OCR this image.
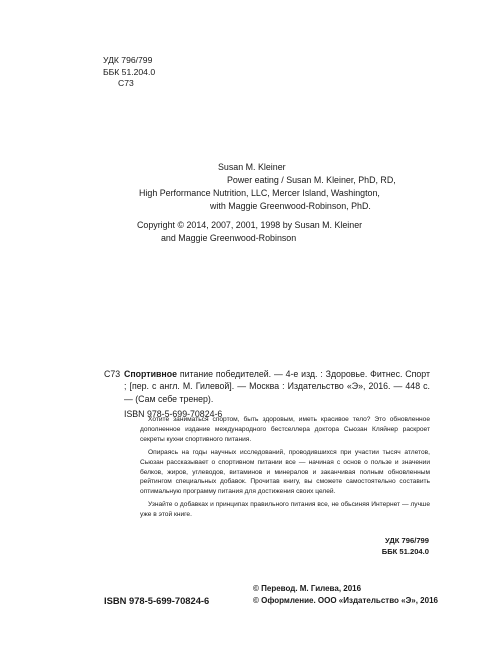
УДК 796/799
ББК 51.204.0
С73
Susan M. Kleiner
Power eating / Susan M. Kleiner, PhD, RD,
High Performance Nutrition, LLC, Mercer Island, Washington,
with Maggie Greenwood-Robinson, PhD.
Copyright © 2014, 2007, 2001, 1998 by Susan M. Kleiner
and Maggie Greenwood-Robinson
С73 Спортивное питание победителей. — 4-е изд. : Здоровье. Фитнес. Спорт ; [пер. с англ. М. Гилевой]. — Москва : Издательство «Э», 2016. — 448 с. — (Сам себе тренер).

ISBN 978-5-699-70824-6

Хотите заниматься спортом, быть здоровым, иметь красивое тело? Это обновленное дополненное издание международного бестселлера доктора Сьюзан Кляйнер раскроет секреты кухни спортивного питания.

Опираясь на годы научных исследований, проводившихся при участии тысяч атлетов, Сьюзан рассказывает о спортивном питании все — начиная с основ о пользе и значении белков, жиров, углеводов, витаминов и минералов и заканчивая полным обновленным рейтингом специальных добавок. Прочитав книгу, вы сможете самостоятельно составить оптимальную программу питания для достижения своих целей.

Узнайте о добавках и принципах правильного питания все, не обьсиняя Интернет — лучше уже в этой книге.

УДК 796/799
ББК 51.204.0
© Перевод. М. Гилева, 2016
© Оформление. ООО «Издательство «Э», 2016
ISBN 978-5-699-70824-6
